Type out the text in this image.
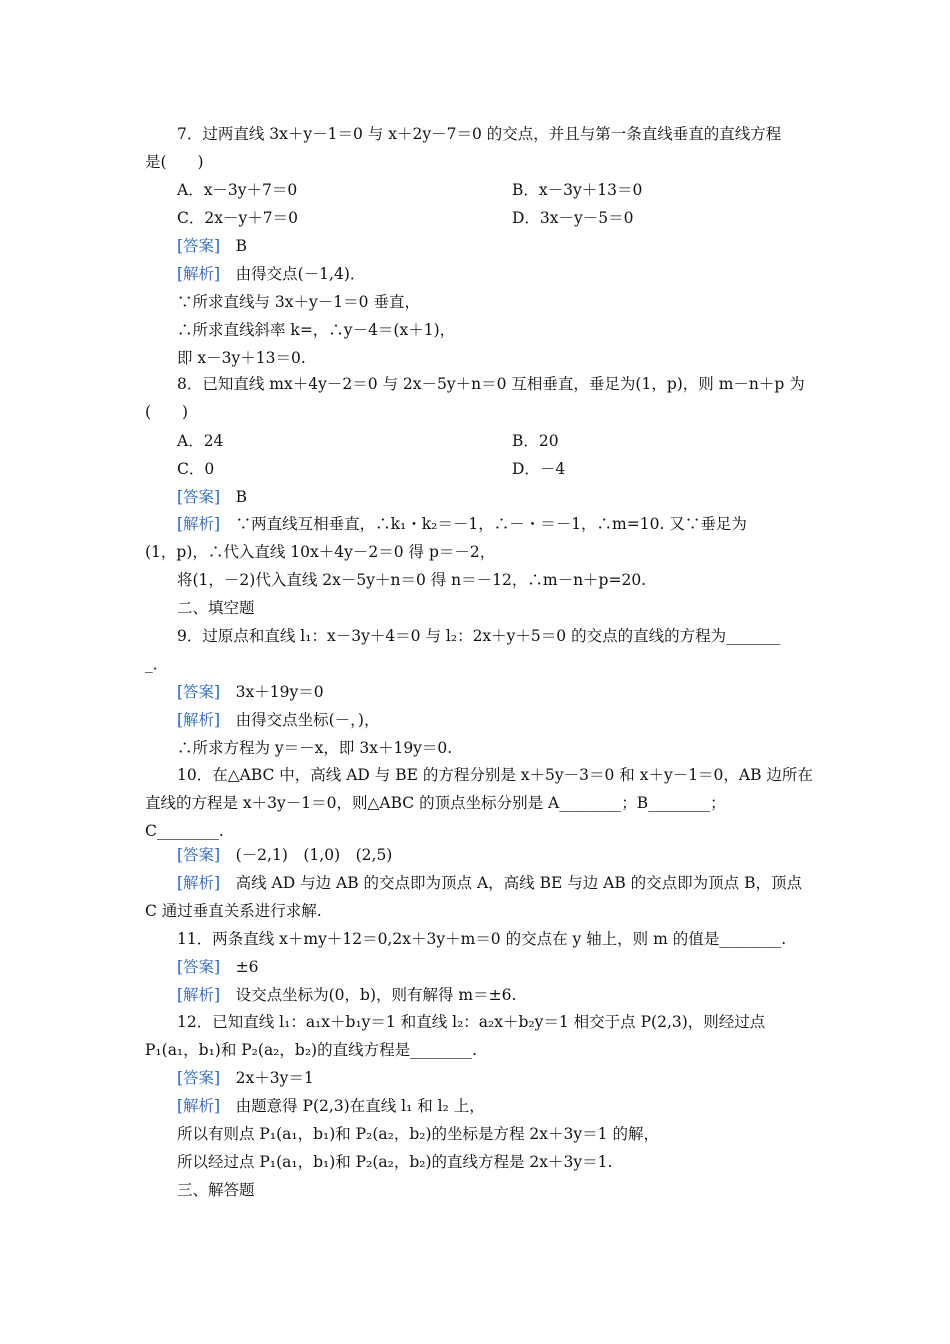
7．过两直线 3x＋y－1＝0 与 x＋2y－7＝0 的交点，并且与第一条直线垂直的直线方程
是(　　)
A．x－3y＋7＝0	B．x－3y＋13＝0
C．2x－y＋7＝0	D．3x－y－5＝0
[答案]　 B
[解析]　 由得交点(－1,4)．
∵所求直线与 3x＋y－1＝0 垂直，
∴所求直线斜率 k=，∴y－4＝(x＋1)，
即 x－3y＋13＝0.
8．已知直线 mx＋4y－2＝0 与 2x－5y＋n＝0 互相垂直，垂足为(1，p)，则 m－n＋p 为
(　　)
A．24	B．20
C．0	D．－4
[答案]　 B
[解析]　 ∵两直线互相垂直，∴k₁・k₂＝－1，∴－・＝－1，∴m=10. 又∵垂足为
(1，p)，∴代入直线 10x＋4y－2＝0 得 p＝－2，
将(1，－2)代入直线 2x－5y＋n＝0 得 n＝－12，∴m－n＋p=20.
二、填空题
9．过原点和直线 l₁：x－3y＋4＝0 与 l₂：2x＋y＋5＝0 的交点的直线的方程为_______
_．
[答案]　 3x＋19y＝0
[解析]　 由得交点坐标(－，)，
∴所求方程为 y＝－x，即 3x＋19y＝0.
10．在△ABC 中，高线 AD 与 BE 的方程分别是 x＋5y－3＝0 和 x＋y－1＝0，AB 边所在
直线的方程是 x＋3y－1＝0，则△ABC 的顶点坐标分别是 A________；B________；
C________.
[答案]　 (－2,1)　(1,0)　(2,5)
[解析]　 高线 AD 与边 AB 的交点即为顶点 A，高线 BE 与边 AB 的交点即为顶点 B，顶点
C 通过垂直关系进行求解.
11．两条直线 x＋my＋12＝0,2x＋3y＋m＝0 的交点在 y 轴上，则 m 的值是________.
[答案]　 ±6
[解析]　 设交点坐标为(0，b)，则有解得 m＝±6.
12．已知直线 l₁：a₁x＋b₁y＝1 和直线 l₂：a₂x＋b₂y＝1 相交于点 P(2,3)，则经过点
P₁(a₁，b₁)和 P₂(a₂，b₂)的直线方程是________.
[答案]　 2x＋3y＝1
[解析]　 由题意得 P(2,3)在直线 l₁ 和 l₂ 上，
所以有则点 P₁(a₁，b₁)和 P₂(a₂，b₂)的坐标是方程 2x＋3y＝1 的解，
所以经过点 P₁(a₁，b₁)和 P₂(a₂，b₂)的直线方程是 2x＋3y＝1.
三、解答题
